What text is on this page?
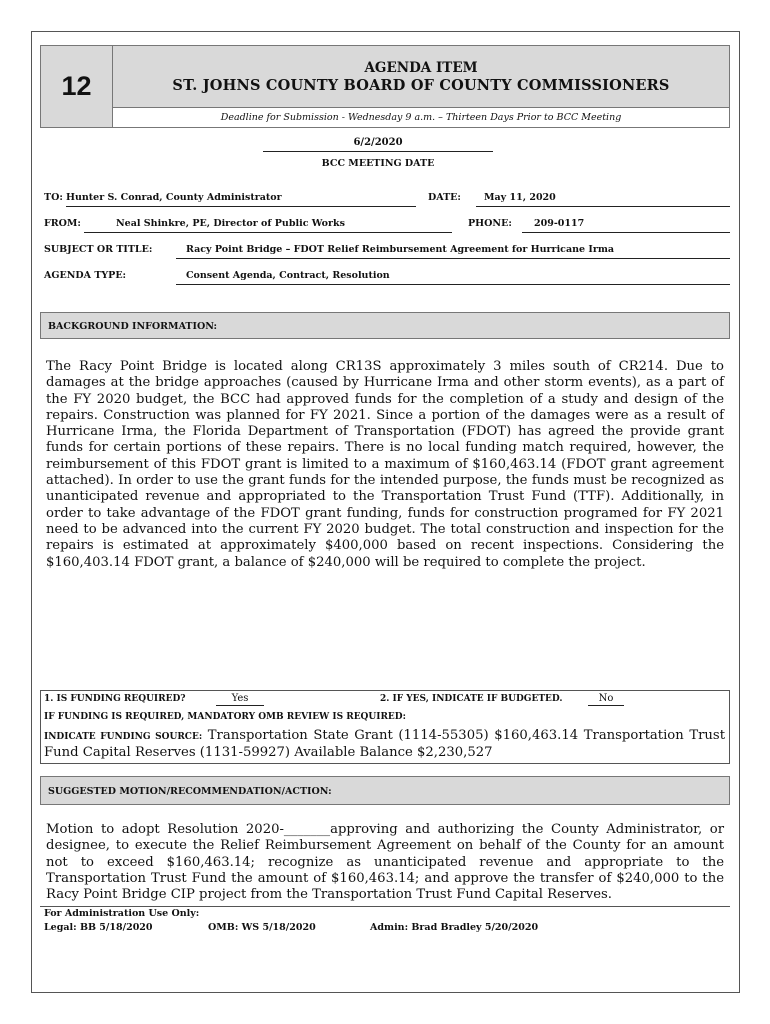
12
AGENDA ITEM
ST. JOHNS COUNTY BOARD OF COUNTY COMMISSIONERS
Deadline for Submission - Wednesday 9 a.m. – Thirteen Days Prior to BCC Meeting
6/2/2020
BCC MEETING DATE
TO: Hunter S. Conrad, County Administrator	DATE:	May 11, 2020
FROM:	Neal Shinkre, PE, Director of Public Works	PHONE:	209-0117
SUBJECT OR TITLE:	Racy Point Bridge – FDOT Relief Reimbursement Agreement for Hurricane Irma
AGENDA TYPE:	Consent Agenda, Contract, Resolution
BACKGROUND INFORMATION:
The Racy Point Bridge is located along CR13S approximately 3 miles south of CR214. Due to damages at the bridge approaches (caused by Hurricane Irma and other storm events), as a part of the FY 2020 budget, the BCC had approved funds for the completion of a study and design of the repairs. Construction was planned for FY 2021. Since a portion of the damages were as a result of Hurricane Irma, the Florida Department of Transportation (FDOT) has agreed the provide grant funds for certain portions of these repairs. There is no local funding match required, however, the reimbursement of this FDOT grant is limited to a maximum of $160,463.14 (FDOT grant agreement attached). In order to use the grant funds for the intended purpose, the funds must be recognized as unanticipated revenue and appropriated to the Transportation Trust Fund (TTF). Additionally, in order to take advantage of the FDOT grant funding, funds for construction programed for FY 2021 need to be advanced into the current FY 2020 budget. The total construction and inspection for the repairs is estimated at approximately $400,000 based on recent inspections. Considering the $160,403.14 FDOT grant, a balance of $240,000 will be required to complete the project.
1. IS FUNDING REQUIRED?	Yes	2. IF YES, INDICATE IF BUDGETED.	No
IF FUNDING IS REQUIRED, MANDATORY OMB REVIEW IS REQUIRED:
INDICATE FUNDING SOURCE: Transportation State Grant (1114-55305) $160,463.14 Transportation Trust Fund Capital Reserves (1131-59927) Available Balance $2,230,527
SUGGESTED MOTION/RECOMMENDATION/ACTION:
Motion to adopt Resolution 2020-_______approving and authorizing the County Administrator, or designee, to execute the Relief Reimbursement Agreement on behalf of the County for an amount not to exceed $160,463.14; recognize as unanticipated revenue and appropriate to the Transportation Trust Fund the amount of $160,463.14; and approve the transfer of $240,000 to the Racy Point Bridge CIP project from the Transportation Trust Fund Capital Reserves.
For Administration Use Only:
Legal: BB 5/18/2020	OMB: WS 5/18/2020	Admin: Brad Bradley 5/20/2020
